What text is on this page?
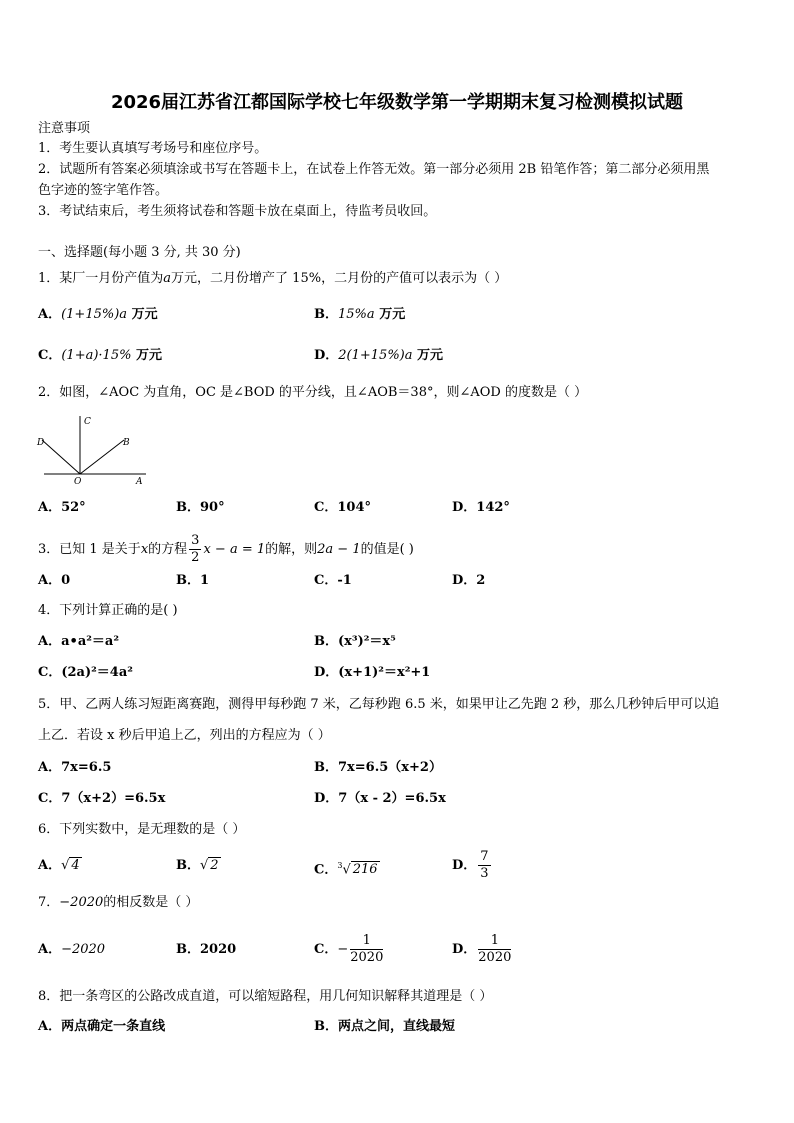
2026届江苏省江都国际学校七年级数学第一学期期末复习检测模拟试题
注意事项
1．考生要认真填写考场号和座位序号。
2．试题所有答案必须填涂或书写在答题卡上，在试卷上作答无效。第一部分必须用 2B 铅笔作答；第二部分必须用黑
色字迹的签字笔作答。
3．考试结束后，考生须将试卷和答题卡放在桌面上，待监考员收回。
一、选择题(每小题 3 分, 共 30 分)
1．某厂一月份产值为a万元，二月份增产了 15%，二月份的产值可以表示为（ ）
A．(1+15%)a 万元	B．15%a 万元
C．(1+a)·15% 万元	D．2(1+15%)a 万元
2．如图，∠AOC 为直角，OC 是∠BOD 的平分线，且∠AOB＝38°，则∠AOD 的度数是（ ）
C
D	B
O	A
A．52°	B．90°	C．104°	D．142°
3．已知 1 是关于x的方程 $\frac{3}{2}$ x − a = 1的解，则2a − 1的值是( )
A．0	B．1	C．-1	D．2
4．下列计算正确的是( )
A．a•a²＝a²	B．(x³)²＝x⁵
C．(2a)²＝4a²	D．(x+1)²＝x²+1
5．甲、乙两人练习短距离赛跑，测得甲每秒跑 7 米，乙每秒跑 6.5 米，如果甲让乙先跑 2 秒，那么几秒钟后甲可以追
上乙．若设 x 秒后甲追上乙，列出的方程应为（ ）
A．7x=6.5	B．7x=6.5（x+2）
C．7（x+2）=6.5x	D．7（x - 2）=6.5x
6．下列实数中，是无理数的是（ ）
A．√ 4	B．√ 2	C．$^3$√ 216	D． $\frac{7}{3}$
7．−2020的相反数是（ ）
A．−2020	B．2020	C．− $\frac{1}{2020}$	D． $\frac{1}{2020}$
8．把一条弯区的公路改成直道，可以缩短路程，用几何知识解释其道理是（ ）
A．两点确定一条直线	B．两点之间，直线最短
